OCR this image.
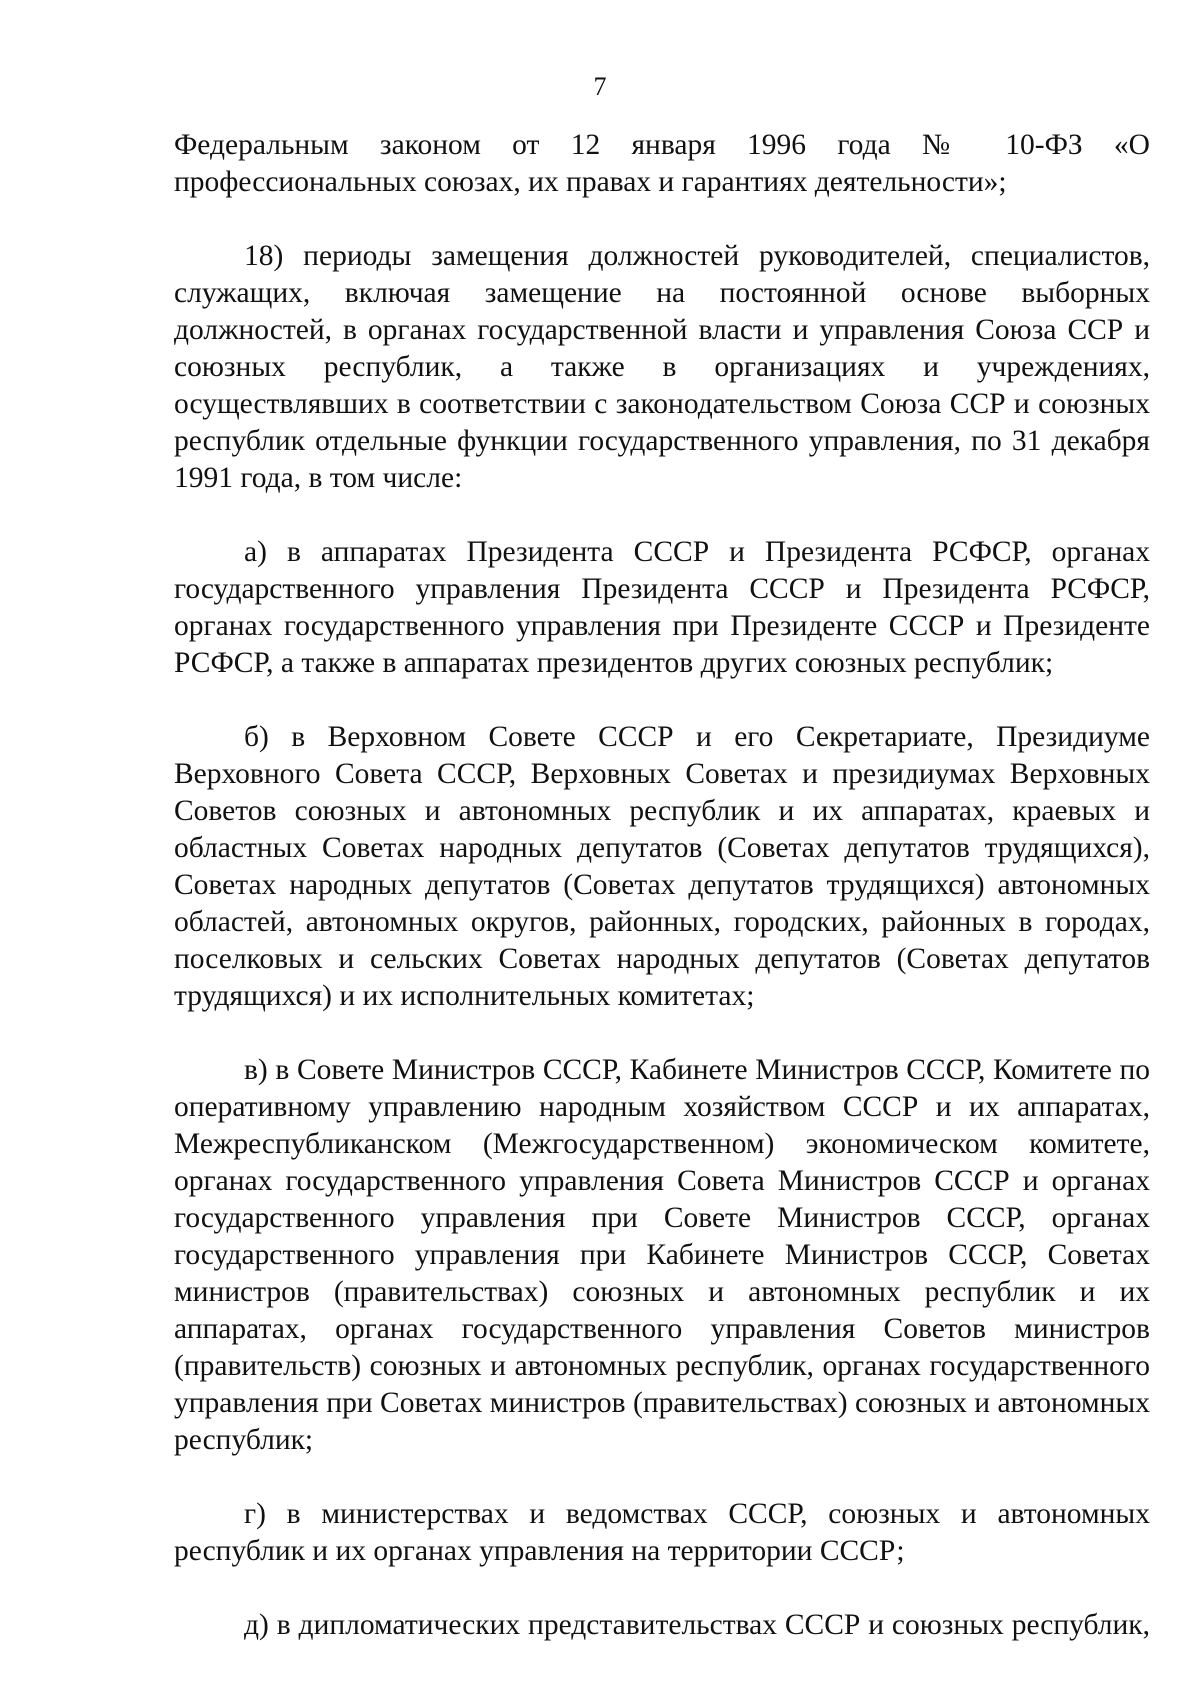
7

Федеральным законом от 12 января 1996 года № 10-ФЗ «О профессиональных союзах, их правах и гарантиях деятельности»;

18) периоды замещения должностей руководителей, специалистов, служащих, включая замещение на постоянной основе выборных должностей, в органах государственной власти и управления Союза ССР и союзных республик, а также в организациях и учреждениях, осуществлявших в соответствии с законодательством Союза ССР и союзных республик отдельные функции государственного управления, по 31 декабря 1991 года, в том числе:

а) в аппаратах Президента СССР и Президента РСФСР, органах государственного управления Президента СССР и Президента РСФСР, органах государственного управления при Президенте СССР и Президенте РСФСР, а также в аппаратах президентов других союзных республик;

б) в Верховном Совете СССР и его Секретариате, Президиуме Верховного Совета СССР, Верховных Советах и президиумах Верховных Советов союзных и автономных республик и их аппаратах, краевых и областных Советах народных депутатов (Советах депутатов трудящихся), Советах народных депутатов (Советах депутатов трудящихся) автономных областей, автономных округов, районных, городских, районных в городах, поселковых и сельских Советах народных депутатов (Советах депутатов трудящихся) и их исполнительных комитетах;

в) в Совете Министров СССР, Кабинете Министров СССР, Комитете по оперативному управлению народным хозяйством СССР и их аппаратах, Межреспубликанском (Межгосударственном) экономическом комитете, органах государственного управления Совета Министров СССР и органах государственного управления при Совете Министров СССР, органах государственного управления при Кабинете Министров СССР, Советах министров (правительствах) союзных и автономных республик и их аппаратах, органах государственного управления Советов министров (правительств) союзных и автономных республик, органах государственного управления при Советах министров (правительствах) союзных и автономных республик;

г) в министерствах и ведомствах СССР, союзных и автономных республик и их органах управления на территории СССР;

д) в дипломатических представительствах СССР и союзных республик,
